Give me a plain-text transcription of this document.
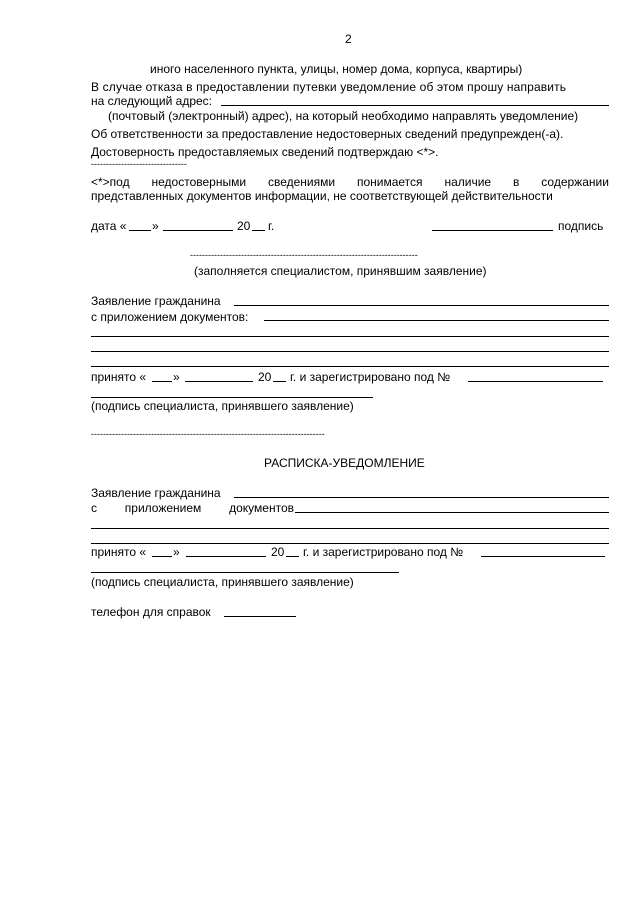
2
иного населенного пункта, улицы, номер дома, корпуса, квартиры)
В случае отказа в предоставлении путевки уведомление об этом прошу направить
на следующий адрес:
(почтовый (электронный) адрес), на который необходимо направлять уведомление)
Об ответственности за предоставление недостоверных сведений предупрежден(-а).
Достоверность предоставляемых сведений подтверждаю <*>.
--------------------------------
<*>под недостоверными сведениями понимается наличие в содержании
представленных документов информации, не соответствующей действительности
дата « »	20 г.	подпись
----------------------------------------------------------------------------
(заполняется специалистом, принявшим заявление)
Заявление гражданина
с приложением документов:
принято « »	20 г. и зарегистрировано под №
(подпись специалиста, принявшего заявление)
------------------------------------------------------------------------------
РАСПИСКА-УВЕДОМЛЕНИЕ
Заявление гражданина
с приложением документов
принято « »	20 г. и зарегистрировано под №
(подпись специалиста, принявшего заявление)
телефон для справок
